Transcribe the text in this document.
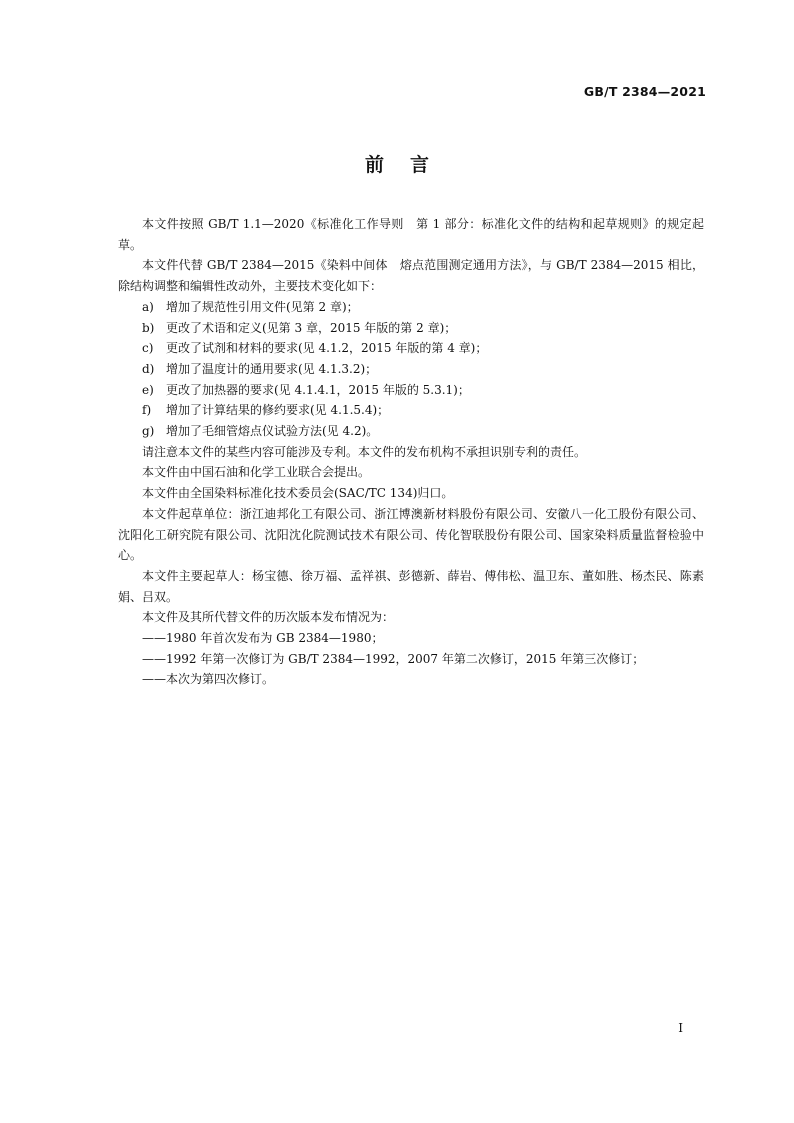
GB/T 2384—2021
前言

本文件按照 GB/T 1.1—2020《标准化工作导则　第 1 部分：标准化文件的结构和起草规则》的规定起草。

本文件代替 GB/T 2384—2015《染料中间体　熔点范围测定通用方法》，与 GB/T 2384—2015 相比，除结构调整和编辑性改动外，主要技术变化如下：

a) 增加了规范性引用文件(见第 2 章)；

b) 更改了术语和定义(见第 3 章，2015 年版的第 2 章)；

c) 更改了试剂和材料的要求(见 4.1.2，2015 年版的第 4 章)；

d) 增加了温度计的通用要求(见 4.1.3.2)；

e) 更改了加热器的要求(见 4.1.4.1，2015 年版的 5.3.1)；

f) 增加了计算结果的修约要求(见 4.1.5.4)；

g) 增加了毛细管熔点仪试验方法(见 4.2)。

请注意本文件的某些内容可能涉及专利。本文件的发布机构不承担识别专利的责任。

本文件由中国石油和化学工业联合会提出。

本文件由全国染料标准化技术委员会(SAC/TC 134)归口。

本文件起草单位：浙江迪邦化工有限公司、浙江博澳新材料股份有限公司、安徽八一化工股份有限公司、沈阳化工研究院有限公司、沈阳沈化院测试技术有限公司、传化智联股份有限公司、国家染料质量监督检验中心。

本文件主要起草人：杨宝德、徐万福、孟祥祺、彭德新、薛岩、傅伟松、温卫东、董如胜、杨杰民、陈素娟、吕双。

本文件及其所代替文件的历次版本发布情况为：

——1980 年首次发布为 GB 2384—1980；

——1992 年第一次修订为 GB/T 2384—1992，2007 年第二次修订，2015 年第三次修订；

——本次为第四次修订。

I
